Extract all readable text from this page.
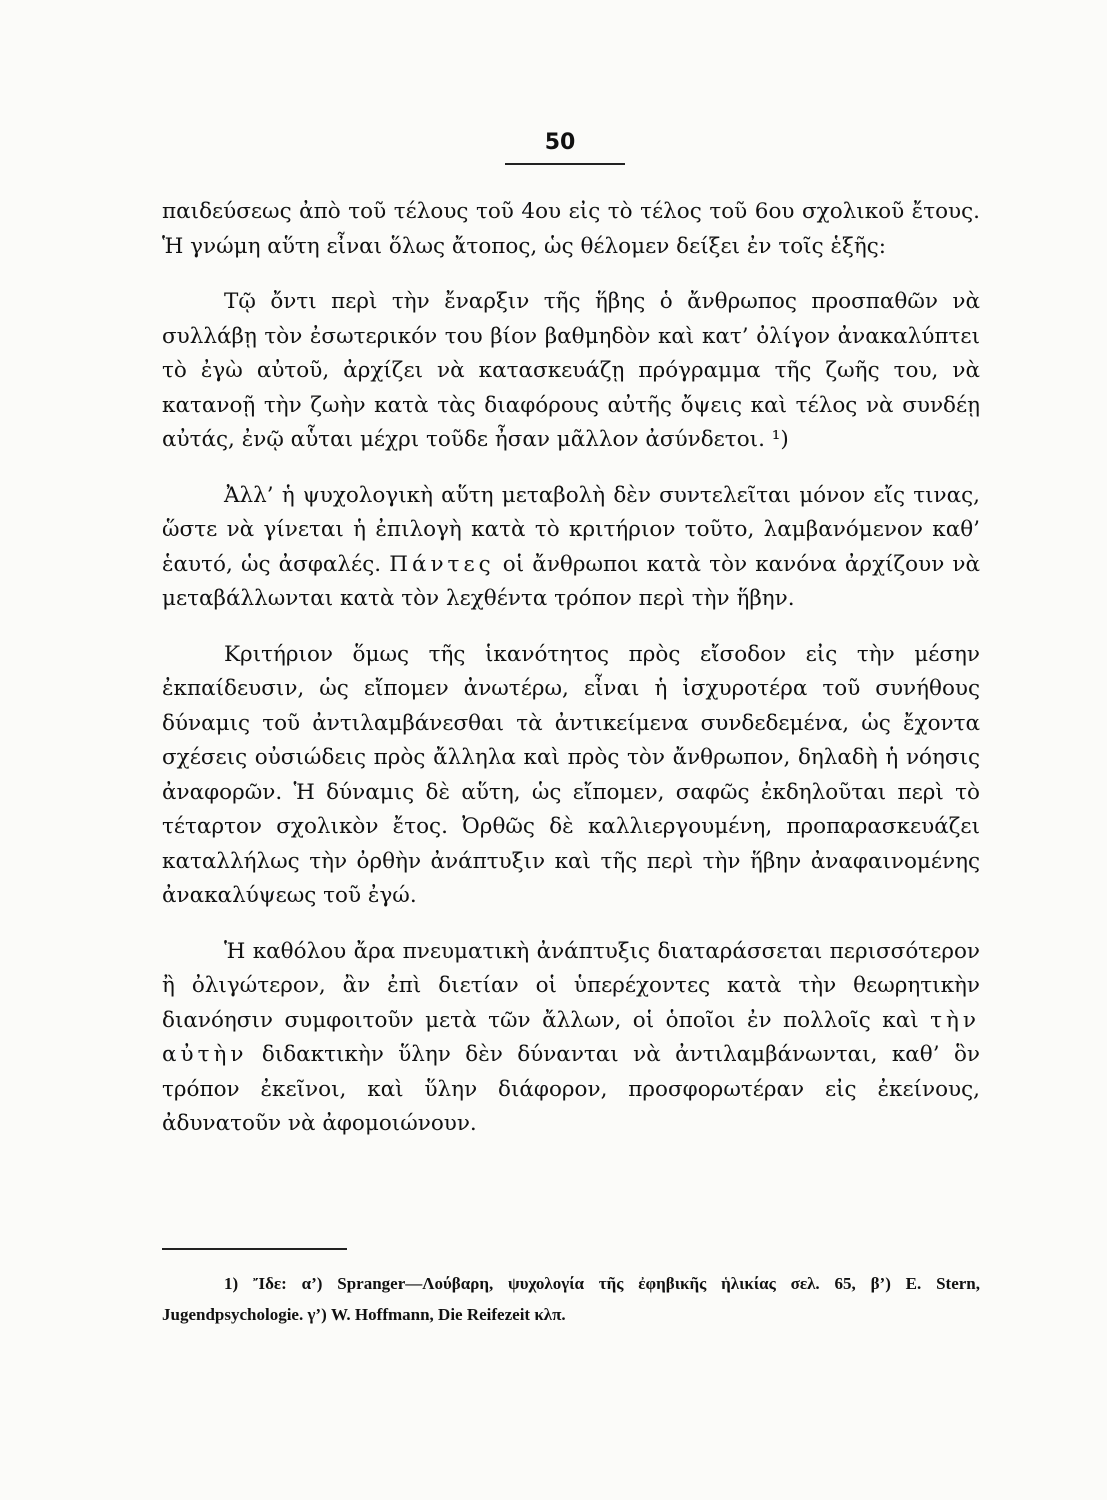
50

παιδεύσεως ἀπὸ τοῦ τέλους τοῦ 4ου εἰς τὸ τέλος τοῦ 6ου σχολικοῦ ἔτους. Ἡ γνώμη αὕτη εἶναι ὅλως ἄτοπος, ὡς θέλομεν δείξει ἐν τοῖς ἑξῆς:

Τῷ ὄντι περὶ τὴν ἔναρξιν τῆς ἥβης ὁ ἄνθρωπος προσπαθῶν νὰ συλλάβῃ τὸν ἐσωτερικόν του βίον βαθμηδὸν καὶ κατ’ ὀλίγον ἀνακαλύπτει τὸ ἐγὼ αὐτοῦ, ἀρχίζει νὰ κατασκευάζῃ πρόγραμμα τῆς ζωῆς του, νὰ κατανοῇ τὴν ζωὴν κατὰ τὰς διαφόρους αὐτῆς ὄψεις καὶ τέλος νὰ συνδέῃ αὐτάς, ἐνῷ αὗται μέχρι τοῦδε ἦσαν μᾶλλον ἀσύνδετοι. ¹)

Ἀλλ’ ἡ ψυχολογικὴ αὕτη μεταβολὴ δὲν συντελεῖται μόνον εἴς τινας, ὥστε νὰ γίνεται ἡ ἐπιλογὴ κατὰ τὸ κριτήριον τοῦτο, λαμβανόμενον καθ’ ἑαυτό, ὡς ἀσφαλές. Πάντες οἱ ἄνθρωποι κατὰ τὸν κανόνα ἀρχίζουν νὰ μεταβάλλωνται κατὰ τὸν λεχθέντα τρόπον περὶ τὴν ἥβην.

Κριτήριον ὅμως τῆς ἱκανότητος πρὸς εἴσοδον εἰς τὴν μέσην ἐκπαίδευσιν, ὡς εἴπομεν ἀνωτέρω, εἶναι ἡ ἰσχυροτέρα τοῦ συνήθους δύναμις τοῦ ἀντιλαμβάνεσθαι τὰ ἀντικείμενα συνδεδεμένα, ὡς ἔχοντα σχέσεις οὐσιώδεις πρὸς ἄλληλα καὶ πρὸς τὸν ἄνθρωπον, δηλαδὴ ἡ νόησις ἀναφορῶν. Ἡ δύναμις δὲ αὕτη, ὡς εἴπομεν, σαφῶς ἐκδηλοῦται περὶ τὸ τέταρτον σχολικὸν ἔτος. Ὀρθῶς δὲ καλλιεργουμένη, προπαρασκευάζει καταλλήλως τὴν ὀρθὴν ἀνάπτυξιν καὶ τῆς περὶ τὴν ἥβην ἀναφαινομένης ἀνακαλύψεως τοῦ ἐγώ.

Ἡ καθόλου ἄρα πνευματικὴ ἀνάπτυξις διαταράσσεται περισσότερον ἢ ὀλιγώτερον, ἂν ἐπὶ διετίαν οἱ ὑπερέχοντες κατὰ τὴν θεωρητικὴν διανόησιν συμφοιτοῦν μετὰ τῶν ἄλλων, οἱ ὁποῖοι ἐν πολλοῖς καὶ τὴν αὐτὴν διδακτικὴν ὕλην δὲν δύνανται νὰ ἀντιλαμβάνωνται, καθ’ ὃν τρόπον ἐκεῖνοι, καὶ ὕλην διάφορον, προσφορωτέραν εἰς ἐκείνους, ἀδυνατοῦν νὰ ἀφομοιώνουν.

1) Ἴδε: α’) Spranger—Λούβαρη, ψυχολογία τῆς ἐφηβικῆς ἡλικίας σελ. 65, β’) E. Stern, Jugendpsychologie. γ’) W. Hoffmann, Die Reifezeit κλπ.
